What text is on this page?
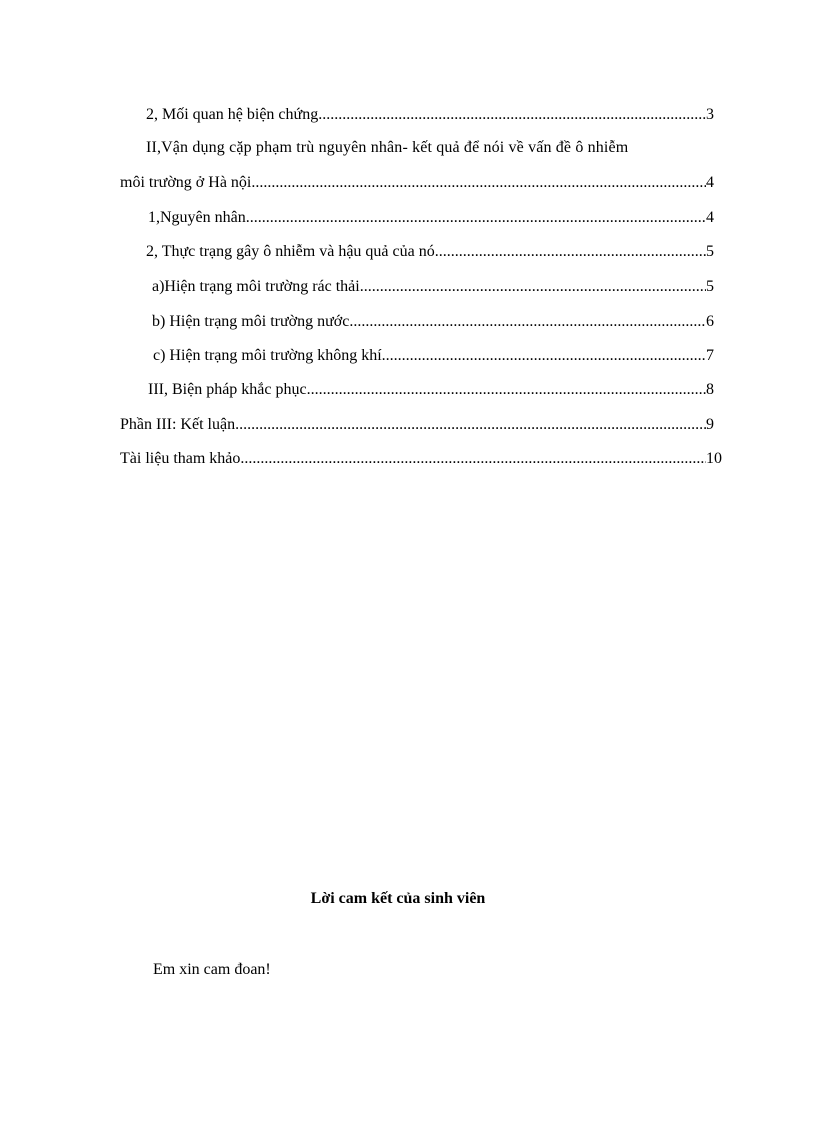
2, Mối quan hệ biện chứng .....	3
II,Vận dụng cặp phạm trù nguyên nhân- kết quả để nói về vấn đề ô nhiễm
môi trường ở Hà nội .....	4
1,Nguyên nhân .....	4
2, Thực trạng gây ô nhiễm và hậu quả của nó .....	5
a)Hiện trạng môi trường rác thải .....	5
b) Hiện trạng môi trường nước .....	6
c) Hiện trạng môi trường không khí .....	7
III, Biện pháp khắc phục .....	8
Phần III: Kết luận .....	9
Tài liệu tham khảo .....	10
Lời cam kết của sinh viên
Em xin cam đoan!
